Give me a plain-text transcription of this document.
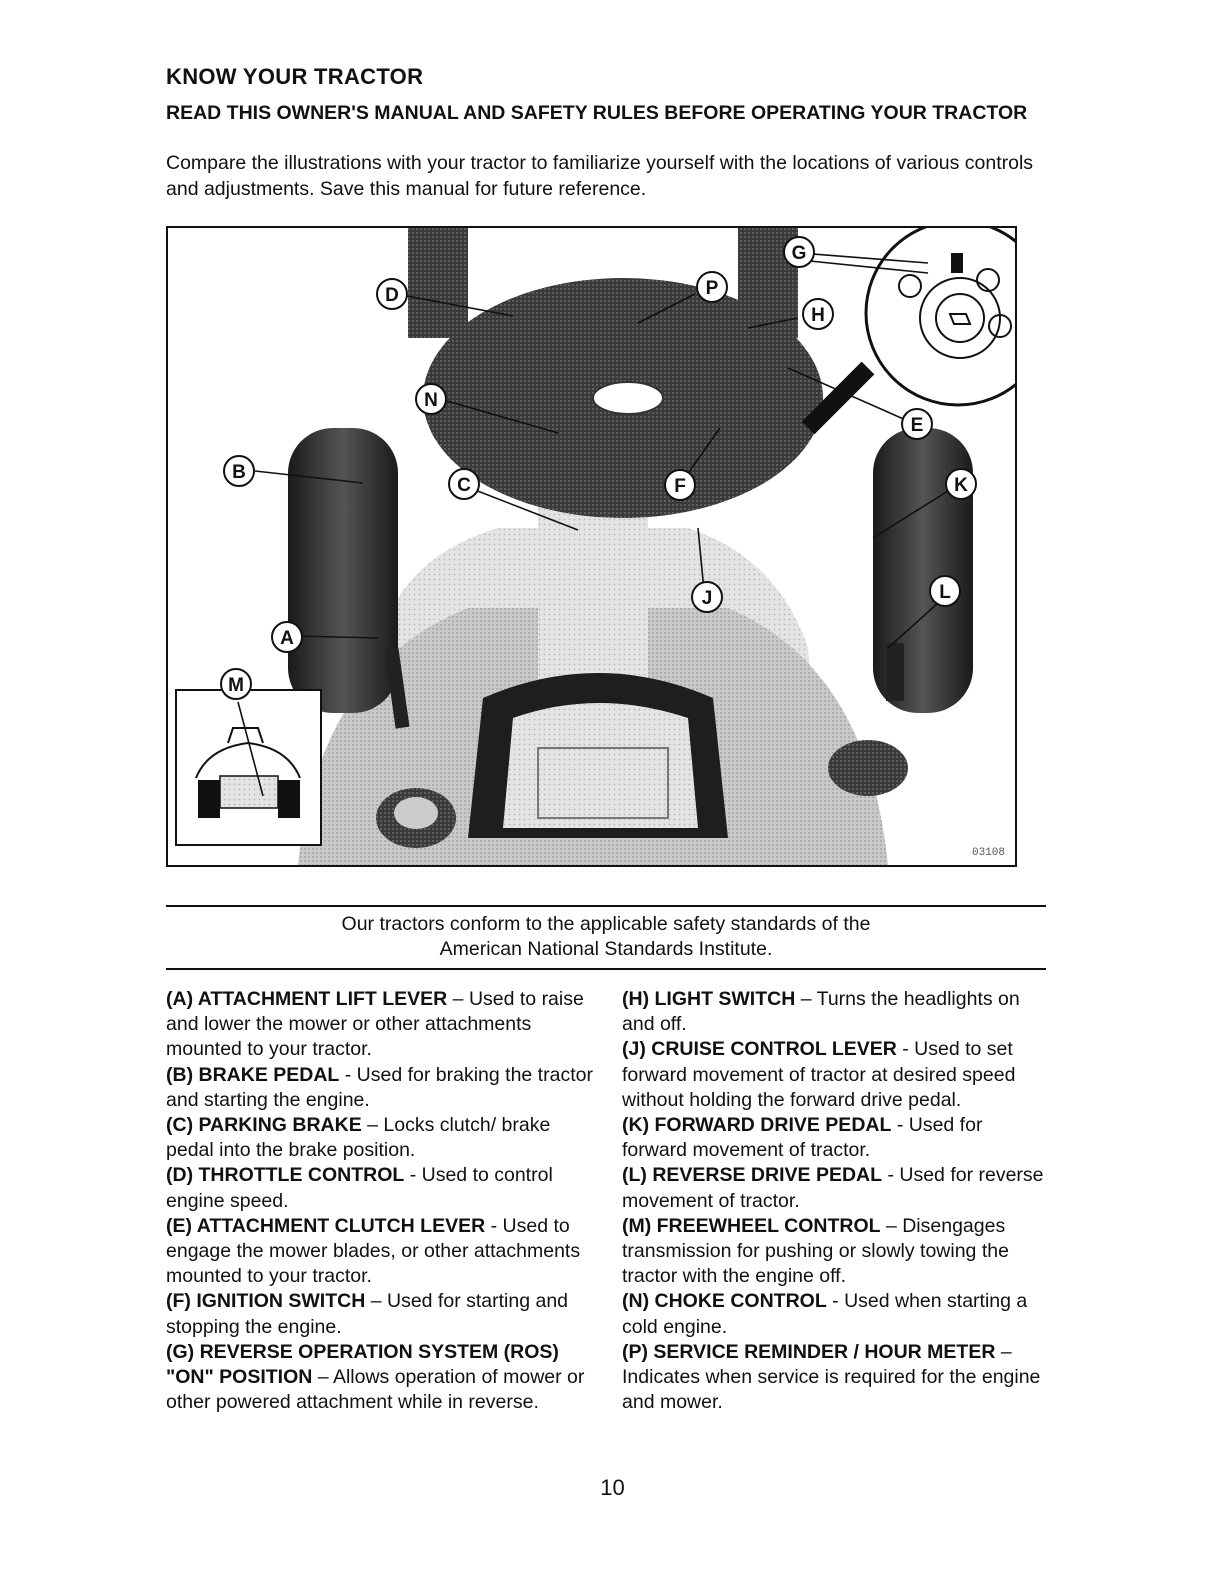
KNOW YOUR TRACTOR
READ THIS OWNER'S MANUAL AND SAFETY RULES BEFORE OPERATING YOUR TRACTOR

Compare the illustrations with your tractor to familiarize yourself with the locations of various controls and adjustments. Save this manual for future reference.

D	P
G
H
N
B
C	F
E
K
J	L
A
M
03108

Our tractors conform to the applicable safety standards of the
American National Standards Institute.

(A) ATTACHMENT LIFT LEVER – Used to raise and lower the mower or other attachments mounted to your tractor.

(B) BRAKE PEDAL - Used for braking the tractor and starting the engine.

(C) PARKING BRAKE – Locks clutch/ brake pedal into the brake position.

(D) THROTTLE CONTROL - Used to control engine speed.

(E) ATTACHMENT CLUTCH LEVER - Used to engage the mower blades, or other attachments mounted to your tractor.

(F) IGNITION SWITCH – Used for starting and stopping the engine.

(G) REVERSE OPERATION SYSTEM (ROS) "ON" POSITION – Allows operation of mower or other powered attachment while in reverse.

(H) LIGHT SWITCH – Turns the headlights on and off.

(J) CRUISE CONTROL LEVER - Used to set forward movement of tractor at desired speed without holding the forward drive pedal.

(K) FORWARD DRIVE PEDAL - Used for forward movement of tractor.

(L) REVERSE DRIVE PEDAL - Used for reverse movement of tractor.

(M) FREEWHEEL CONTROL – Disengages transmission for pushing or slowly towing the tractor with the engine off.

(N) CHOKE CONTROL - Used when starting a cold engine.

(P) SERVICE REMINDER / HOUR METER – Indicates when service is required for the engine and mower.

10
